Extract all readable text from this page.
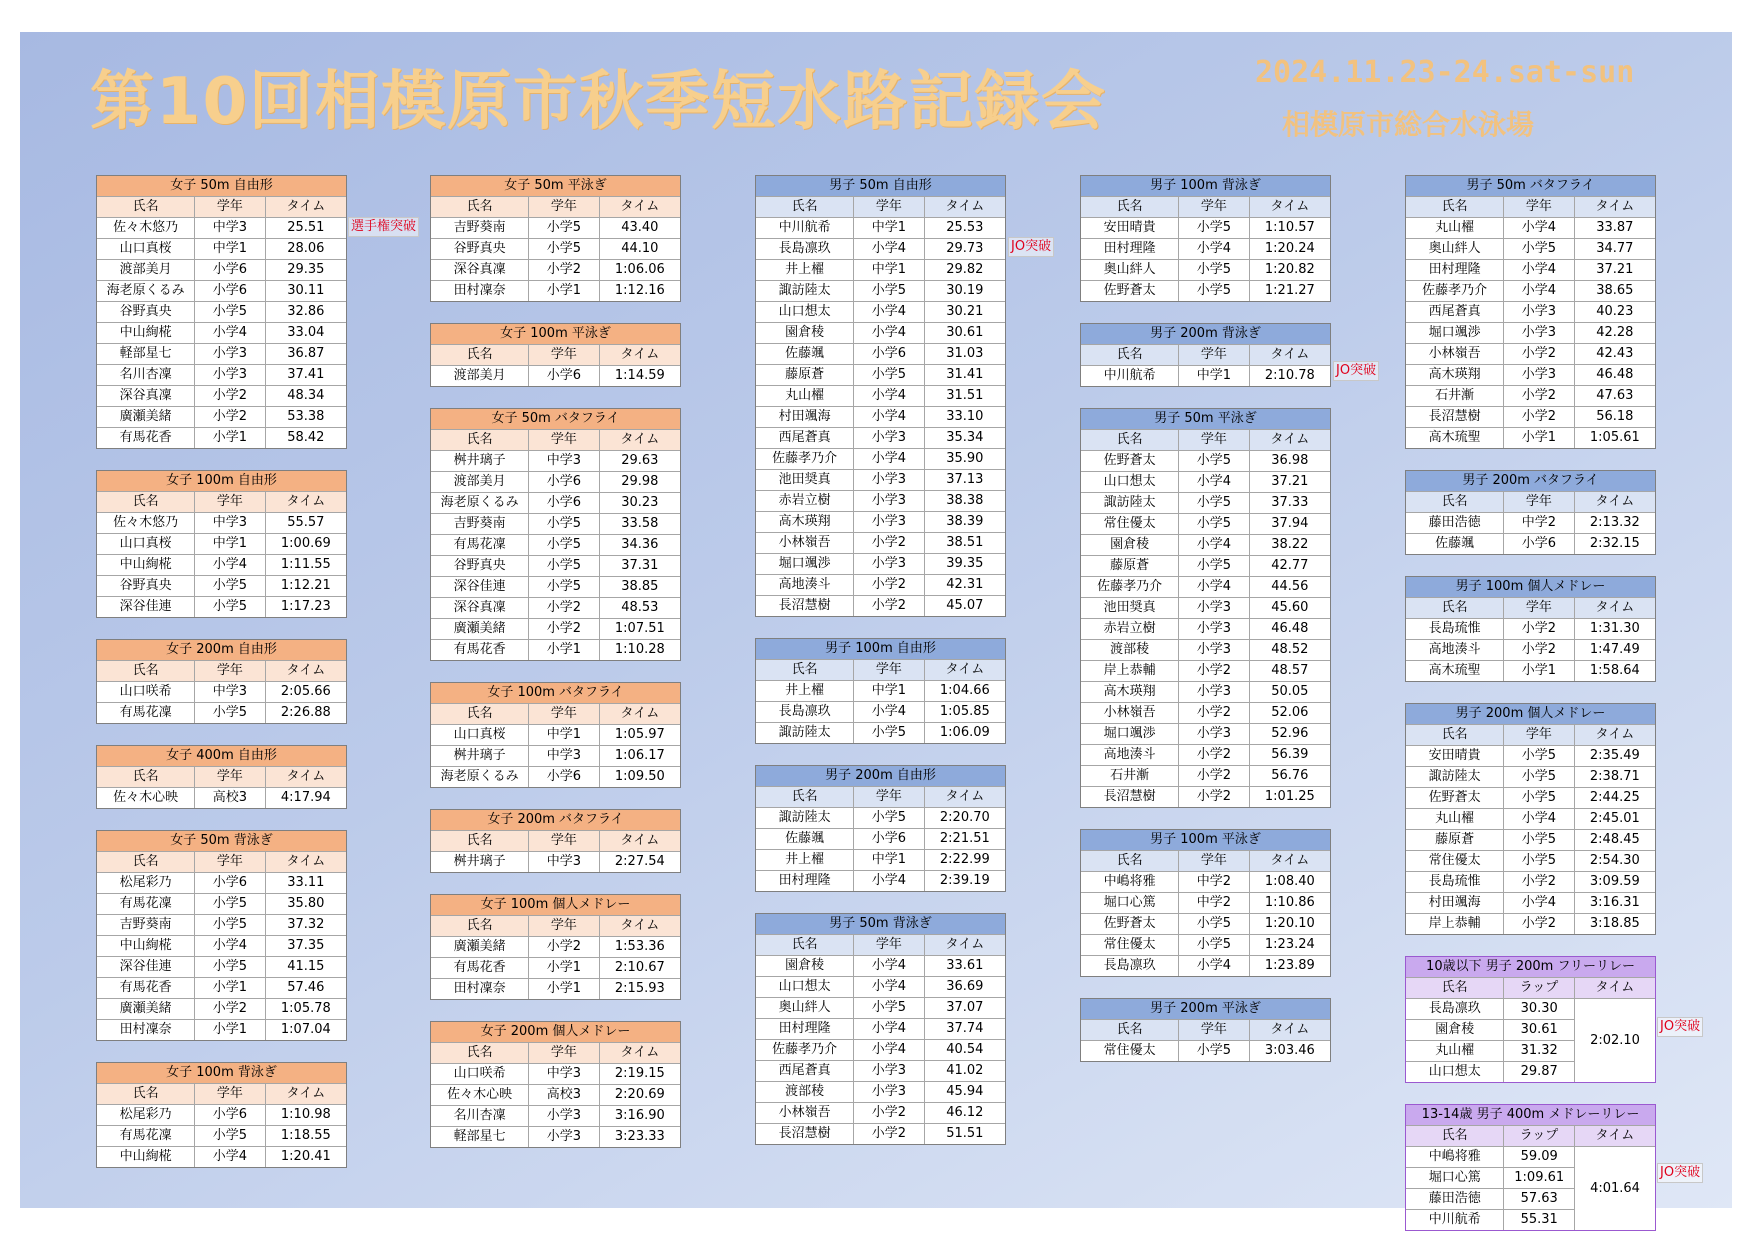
第10回相模原市秋季短水路記録会	2024.11.23-24.sat-sun
相模原市総合水泳場
女子 50m 自由形
氏名	学年	タイム
佐々木悠乃	中学3	25.51
山口真桜	中学1	28.06
渡部美月	小学6	29.35
海老原くるみ	小学6	30.11
谷野真央	小学5	32.86
中山絢椛	小学4	33.04
軽部星七	小学3	36.87
名川杏凜	小学3	37.41
深谷真凜	小学2	48.34
廣瀬美緒	小学2	53.38
有馬花香	小学1	58.42
女子 100m 自由形
氏名	学年	タイム
佐々木悠乃	中学3	55.57
山口真桜	中学1	1:00.69
中山絢椛	小学4	1:11.55
谷野真央	小学5	1:12.21
深谷佳連	小学5	1:17.23
女子 200m 自由形
氏名	学年	タイム
山口咲希	中学3	2:05.66
有馬花凜	小学5	2:26.88
女子 400m 自由形
氏名	学年	タイム
佐々木心映	高校3	4:17.94
女子 50m 背泳ぎ
氏名	学年	タイム
松尾彩乃	小学6	33.11
有馬花凜	小学5	35.80
吉野葵南	小学5	37.32
中山絢椛	小学4	37.35
深谷佳連	小学5	41.15
有馬花香	小学1	57.46
廣瀬美緒	小学2	1:05.78
田村凜奈	小学1	1:07.04
女子 100m 背泳ぎ
氏名	学年	タイム
松尾彩乃	小学6	1:10.98
有馬花凜	小学5	1:18.55
中山絢椛	小学4	1:20.41
女子 50m 平泳ぎ
氏名	学年	タイム
吉野葵南	小学5	43.40
谷野真央	小学5	44.10
深谷真凜	小学2	1:06.06
田村凜奈	小学1	1:12.16
女子 100m 平泳ぎ
氏名	学年	タイム
渡部美月	小学6	1:14.59
女子 50m バタフライ
氏名	学年	タイム
桝井璃子	中学3	29.63
渡部美月	小学6	29.98
海老原くるみ	小学6	30.23
吉野葵南	小学5	33.58
有馬花凜	小学5	34.36
谷野真央	小学5	37.31
深谷佳連	小学5	38.85
深谷真凜	小学2	48.53
廣瀬美緒	小学2	1:07.51
有馬花香	小学1	1:10.28
女子 100m バタフライ
氏名	学年	タイム
山口真桜	中学1	1:05.97
桝井璃子	中学3	1:06.17
海老原くるみ	小学6	1:09.50
女子 200m バタフライ
氏名	学年	タイム
桝井璃子	中学3	2:27.54
女子 100m 個人メドレー
氏名	学年	タイム
廣瀬美緒	小学2	1:53.36
有馬花香	小学1	2:10.67
田村凜奈	小学1	2:15.93
女子 200m 個人メドレー
氏名	学年	タイム
山口咲希	中学3	2:19.15
佐々木心映	高校3	2:20.69
名川杏凜	小学3	3:16.90
軽部星七	小学3	3:23.33
男子 50m 自由形
氏名	学年	タイム
中川航希	中学1	25.53
長島凛玖	小学4	29.73
井上櫂	中学1	29.82
諏訪陸太	小学5	30.19
山口想太	小学4	30.21
園倉稜	小学4	30.61
佐藤颯	小学6	31.03
藤原蒼	小学5	31.41
丸山櫂	小学4	31.51
村田颯海	小学4	33.10
西尾蒼真	小学3	35.34
佐藤孝乃介	小学4	35.90
池田奨真	小学3	37.13
赤岩立樹	小学3	38.38
高木瑛翔	小学3	38.39
小林嶺吾	小学2	38.51
堀口颯渉	小学3	39.35
高地湊斗	小学2	42.31
長沼慧樹	小学2	45.07
男子 100m 自由形
氏名	学年	タイム
井上櫂	中学1	1:04.66
長島凛玖	小学4	1:05.85
諏訪陸太	小学5	1:06.09
男子 200m 自由形
氏名	学年	タイム
諏訪陸太	小学5	2:20.70
佐藤颯	小学6	2:21.51
井上櫂	中学1	2:22.99
田村理隆	小学4	2:39.19
男子 50m 背泳ぎ
氏名	学年	タイム
園倉稜	小学4	33.61
山口想太	小学4	36.69
奥山絆人	小学5	37.07
田村理隆	小学4	37.74
佐藤孝乃介	小学4	40.54
西尾蒼真	小学3	41.02
渡部稜	小学3	45.94
小林嶺吾	小学2	46.12
長沼慧樹	小学2	51.51
男子 100m 背泳ぎ
氏名	学年	タイム
安田晴貴	小学5	1:10.57
田村理隆	小学4	1:20.24
奥山絆人	小学5	1:20.82
佐野蒼太	小学5	1:21.27
男子 200m 背泳ぎ
氏名	学年	タイム
中川航希	中学1	2:10.78
男子 50m 平泳ぎ
氏名	学年	タイム
佐野蒼太	小学5	36.98
山口想太	小学4	37.21
諏訪陸太	小学5	37.33
常住優太	小学5	37.94
園倉稜	小学4	38.22
藤原蒼	小学5	42.77
佐藤孝乃介	小学4	44.56
池田奨真	小学3	45.60
赤岩立樹	小学3	46.48
渡部稜	小学3	48.52
岸上恭輔	小学2	48.57
高木瑛翔	小学3	50.05
小林嶺吾	小学2	52.06
堀口颯渉	小学3	52.96
高地湊斗	小学2	56.39
石井漸	小学2	56.76
長沼慧樹	小学2	1:01.25
男子 100m 平泳ぎ
氏名	学年	タイム
中嶋将雅	中学2	1:08.40
堀口心篤	中学2	1:10.86
佐野蒼太	小学5	1:20.10
常住優太	小学5	1:23.24
長島凛玖	小学4	1:23.89
男子 200m 平泳ぎ
氏名	学年	タイム
常住優太	小学5	3:03.46
男子 50m バタフライ
氏名	学年	タイム
丸山櫂	小学4	33.87
奥山絆人	小学5	34.77
田村理隆	小学4	37.21
佐藤孝乃介	小学4	38.65
西尾蒼真	小学3	40.23
堀口颯渉	小学3	42.28
小林嶺吾	小学2	42.43
高木瑛翔	小学3	46.48
石井漸	小学2	47.63
長沼慧樹	小学2	56.18
高木琉聖	小学1	1:05.61
男子 200m バタフライ
氏名	学年	タイム
藤田浩徳	中学2	2:13.32
佐藤颯	小学6	2:32.15
男子 100m 個人メドレー
氏名	学年	タイム
長島琉惟	小学2	1:31.30
高地湊斗	小学2	1:47.49
高木琉聖	小学1	1:58.64
男子 200m 個人メドレー
氏名	学年	タイム
安田晴貴	小学5	2:35.49
諏訪陸太	小学5	2:38.71
佐野蒼太	小学5	2:44.25
丸山櫂	小学4	2:45.01
藤原蒼	小学5	2:48.45
常住優太	小学5	2:54.30
長島琉惟	小学2	3:09.59
村田颯海	小学4	3:16.31
岸上恭輔	小学2	3:18.85
10歳以下 男子 200m フリーリレー
氏名	ラップ	タイム
長島凛玖	30.30
園倉稜	30.61
丸山櫂	31.32
山口想太	29.87
2:02.10
13-14歳 男子 400m メドレーリレー
氏名	ラップ	タイム
中嶋将雅	59.09
堀口心篤	1:09.61
藤田浩徳	57.63
中川航希	55.31
4:01.64
選手権突破
JO突破
JO突破
JO突破
JO突破
